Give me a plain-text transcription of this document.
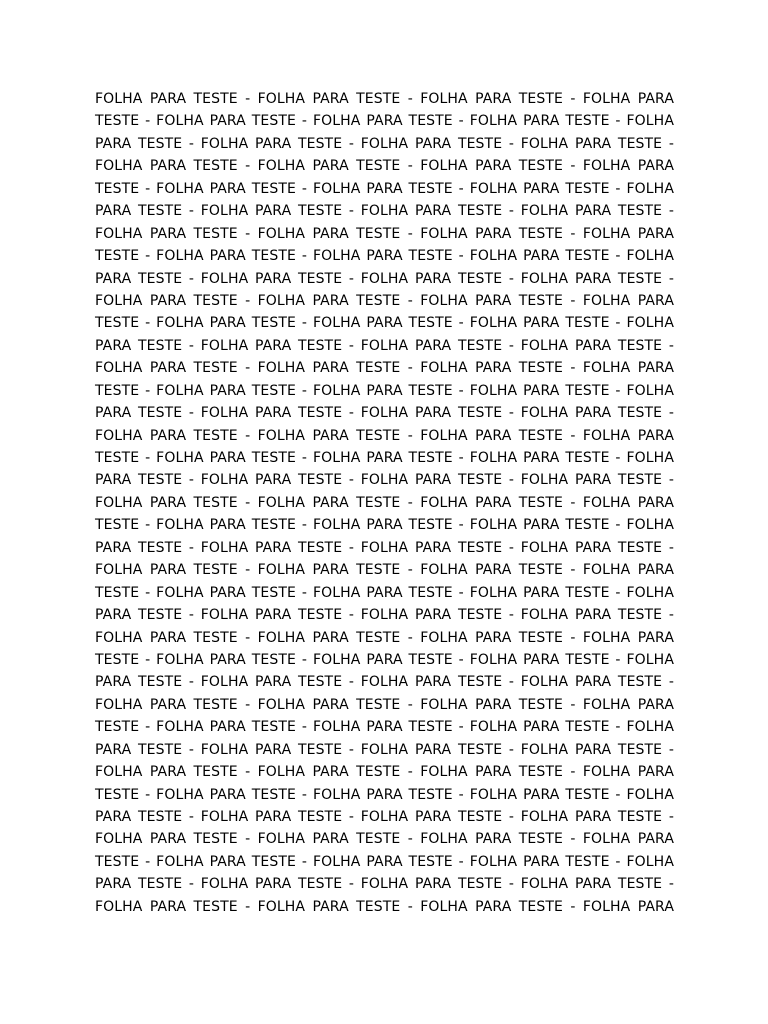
FOLHA PARA TESTE - FOLHA PARA TESTE - FOLHA PARA TESTE - FOLHA PARA
TESTE - FOLHA PARA TESTE - FOLHA PARA TESTE - FOLHA PARA TESTE - FOLHA
PARA TESTE - FOLHA PARA TESTE - FOLHA PARA TESTE - FOLHA PARA TESTE -
FOLHA PARA TESTE - FOLHA PARA TESTE - FOLHA PARA TESTE - FOLHA PARA
TESTE - FOLHA PARA TESTE - FOLHA PARA TESTE - FOLHA PARA TESTE - FOLHA
PARA TESTE - FOLHA PARA TESTE - FOLHA PARA TESTE - FOLHA PARA TESTE -
FOLHA PARA TESTE - FOLHA PARA TESTE - FOLHA PARA TESTE - FOLHA PARA
TESTE - FOLHA PARA TESTE - FOLHA PARA TESTE - FOLHA PARA TESTE - FOLHA
PARA TESTE - FOLHA PARA TESTE - FOLHA PARA TESTE - FOLHA PARA TESTE -
FOLHA PARA TESTE - FOLHA PARA TESTE - FOLHA PARA TESTE - FOLHA PARA
TESTE - FOLHA PARA TESTE - FOLHA PARA TESTE - FOLHA PARA TESTE - FOLHA
PARA TESTE - FOLHA PARA TESTE - FOLHA PARA TESTE - FOLHA PARA TESTE -
FOLHA PARA TESTE - FOLHA PARA TESTE - FOLHA PARA TESTE - FOLHA PARA
TESTE - FOLHA PARA TESTE - FOLHA PARA TESTE - FOLHA PARA TESTE - FOLHA
PARA TESTE - FOLHA PARA TESTE - FOLHA PARA TESTE - FOLHA PARA TESTE -
FOLHA PARA TESTE - FOLHA PARA TESTE - FOLHA PARA TESTE - FOLHA PARA
TESTE - FOLHA PARA TESTE - FOLHA PARA TESTE - FOLHA PARA TESTE - FOLHA
PARA TESTE - FOLHA PARA TESTE - FOLHA PARA TESTE - FOLHA PARA TESTE -
FOLHA PARA TESTE - FOLHA PARA TESTE - FOLHA PARA TESTE - FOLHA PARA
TESTE - FOLHA PARA TESTE - FOLHA PARA TESTE - FOLHA PARA TESTE - FOLHA
PARA TESTE - FOLHA PARA TESTE - FOLHA PARA TESTE - FOLHA PARA TESTE -
FOLHA PARA TESTE - FOLHA PARA TESTE - FOLHA PARA TESTE - FOLHA PARA
TESTE - FOLHA PARA TESTE - FOLHA PARA TESTE - FOLHA PARA TESTE - FOLHA
PARA TESTE - FOLHA PARA TESTE - FOLHA PARA TESTE - FOLHA PARA TESTE -
FOLHA PARA TESTE - FOLHA PARA TESTE - FOLHA PARA TESTE - FOLHA PARA
TESTE - FOLHA PARA TESTE - FOLHA PARA TESTE - FOLHA PARA TESTE - FOLHA
PARA TESTE - FOLHA PARA TESTE - FOLHA PARA TESTE - FOLHA PARA TESTE -
FOLHA PARA TESTE - FOLHA PARA TESTE - FOLHA PARA TESTE - FOLHA PARA
TESTE - FOLHA PARA TESTE - FOLHA PARA TESTE - FOLHA PARA TESTE - FOLHA
PARA TESTE - FOLHA PARA TESTE - FOLHA PARA TESTE - FOLHA PARA TESTE -
FOLHA PARA TESTE - FOLHA PARA TESTE - FOLHA PARA TESTE - FOLHA PARA
TESTE - FOLHA PARA TESTE - FOLHA PARA TESTE - FOLHA PARA TESTE - FOLHA
PARA TESTE - FOLHA PARA TESTE - FOLHA PARA TESTE - FOLHA PARA TESTE -
FOLHA PARA TESTE - FOLHA PARA TESTE - FOLHA PARA TESTE - FOLHA PARA
TESTE - FOLHA PARA TESTE - FOLHA PARA TESTE - FOLHA PARA TESTE - FOLHA
PARA TESTE - FOLHA PARA TESTE - FOLHA PARA TESTE - FOLHA PARA TESTE -
FOLHA PARA TESTE - FOLHA PARA TESTE - FOLHA PARA TESTE - FOLHA PARA
